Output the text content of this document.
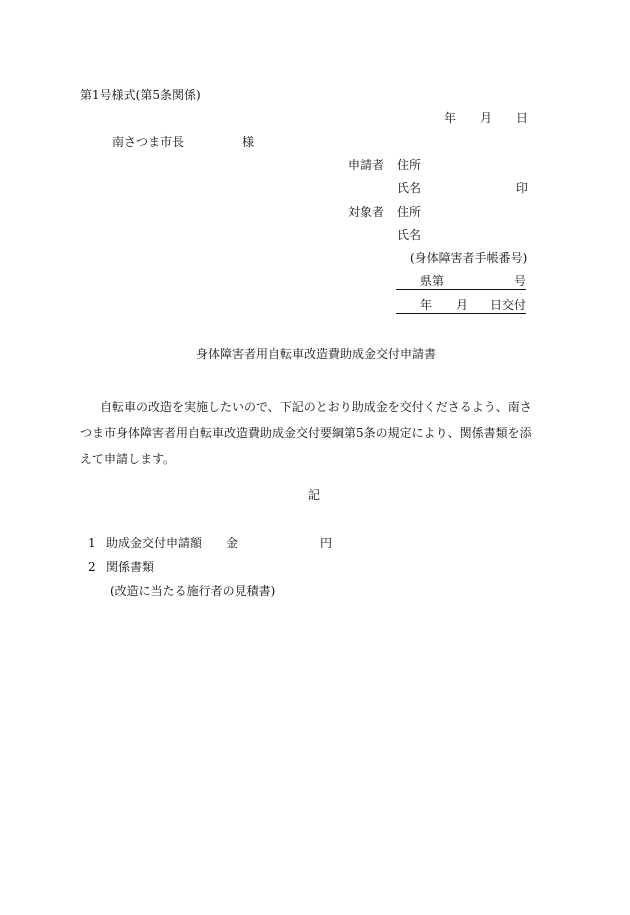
第1号様式(第5条関係)
年 月 日
南さつま市長	様
申請者 住所
氏名	印
対象者 住所
氏名
(身体障害者手帳番号)
県第	号
年 月 日交付
身体障害者用自転車改造費助成金交付申請書
自転車の改造を実施したいので、下記のとおり助成金を交付くださるよう、南さつま市身体障害者用自転車改造費助成金交付要綱第5条の規定により、関係書類を添えて申請します。
記
1 助成金交付申請額 金	円
2 関係書類
(改造に当たる施行者の見積書)
